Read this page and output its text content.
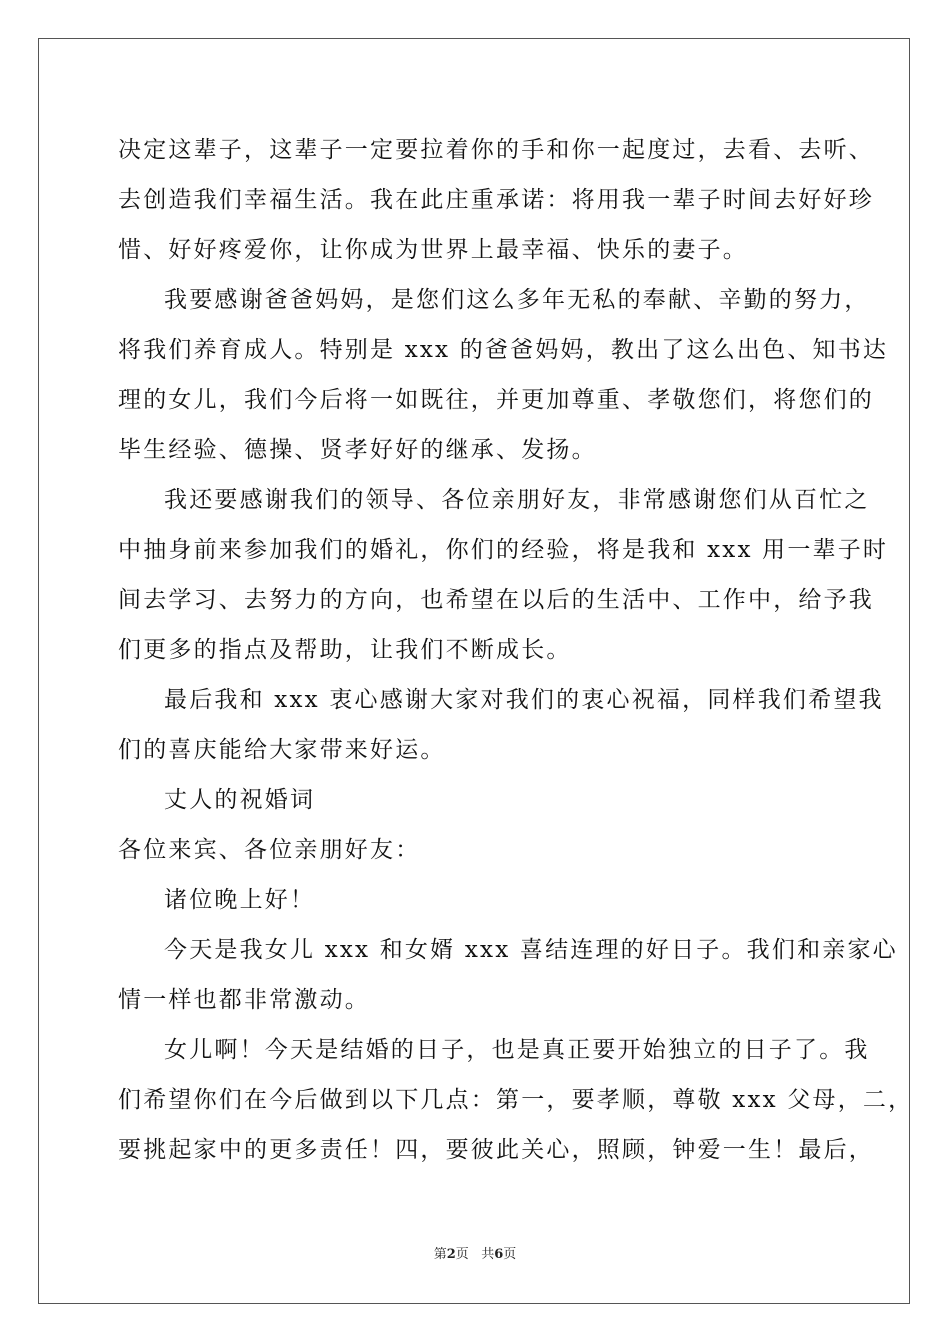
决定这辈子，这辈子一定要拉着你的手和你一起度过，去看、去听、
去创造我们幸福生活。我在此庄重承诺：将用我一辈子时间去好好珍
惜、好好疼爱你，让你成为世界上最幸福、快乐的妻子。
我要感谢爸爸妈妈，是您们这么多年无私的奉献、辛勤的努力，
将我们养育成人。特别是 xxx 的爸爸妈妈，教出了这么出色、知书达
理的女儿，我们今后将一如既往，并更加尊重、孝敬您们，将您们的
毕生经验、德操、贤孝好好的继承、发扬。
我还要感谢我们的领导、各位亲朋好友，非常感谢您们从百忙之
中抽身前来参加我们的婚礼，你们的经验，将是我和 xxx 用一辈子时
间去学习、去努力的方向，也希望在以后的生活中、工作中，给予我
们更多的指点及帮助，让我们不断成长。
最后我和 xxx 衷心感谢大家对我们的衷心祝福，同样我们希望我
们的喜庆能给大家带来好运。
丈人的祝婚词
各位来宾、各位亲朋好友：
诸位晚上好！
今天是我女儿 xxx 和女婿 xxx 喜结连理的好日子。我们和亲家心
情一样也都非常激动。
女儿啊！今天是结婚的日子，也是真正要开始独立的日子了。我
们希望你们在今后做到以下几点：第一，要孝顺，尊敬 xxx 父母，二，
要挑起家中的更多责任！四，要彼此关心，照顾，钟爱一生！最后，
第2页 共6页
